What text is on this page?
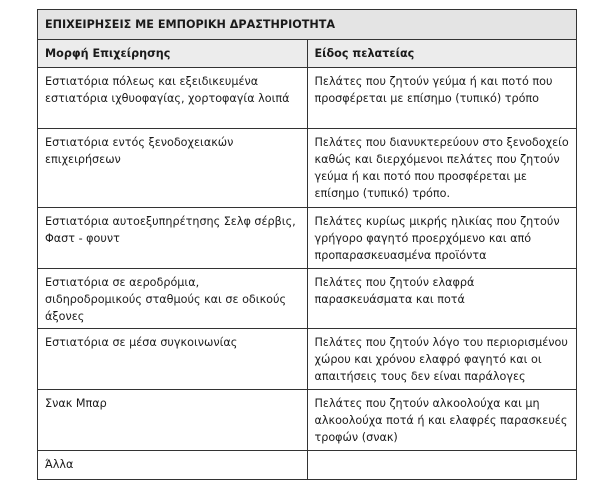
ΕΠΙΧΕΙΡΗΣΕΙΣ ΜΕ ΕΜΠΟΡΙΚΗ ΔΡΑΣΤΗΡΙΟΤΗΤΑ	
Μορφή Επιχείρησης	Είδος πελατείας
Εστιατόρια πόλεως και εξειδικευμένα εστιατόρια ιχθυοφαγίας, χορτοφαγία λοιπά	Πελάτες που ζητούν γεύμα ή και ποτό που προσφέρεται με επίσημο (τυπικό) τρόπο
Εστιατόρια εντός ξενοδοχειακών επιχειρήσεων	Πελάτες που διανυκτερεύουν στο ξενοδοχείο καθώς και διερχόμενοι πελάτες που ζητούν γεύμα ή και ποτό που προσφέρεται με επίσημο (τυπικό) τρόπο.
Εστιατόρια αυτοεξυπηρέτησης Σελφ σέρβις, Φαστ - φουντ	Πελάτες κυρίως μικρής ηλικίας που ζητούν γρήγορο φαγητό προερχόμενο και από προπαρασκευασμένα προϊόντα
Εστιατόρια σε αεροδρόμια, σιδηροδρομικούς σταθμούς και σε οδικούς άξονες	Πελάτες που ζητούν ελαφρά παρασκευάσματα και ποτά
Εστιατόρια σε μέσα συγκοινωνίας	Πελάτες που ζητούν λόγο του περιορισμένου χώρου και χρόνου ελαφρό φαγητό και οι απαιτήσεις τους δεν είναι παράλογες
Σνακ Μπαρ	Πελάτες που ζητούν αλκοολούχα και μη αλκοολούχα ποτά ή και ελαφρές παρασκευές τροφών (σνακ)
Άλλα	
